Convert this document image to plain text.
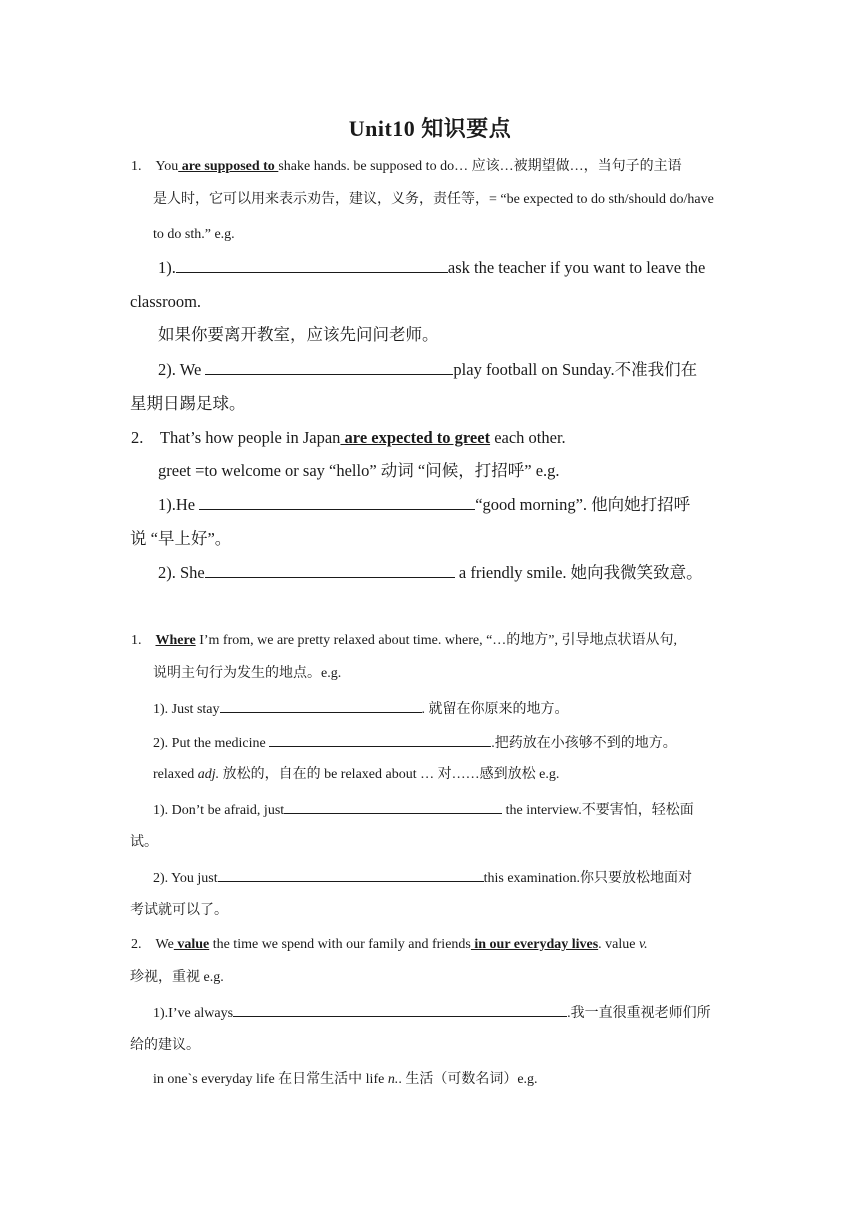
Unit10 知识要点
1. You are supposed to shake hands. be supposed to do… 应该…被期望做…，当句子的主语
是人时，它可以用来表示劝告，建议，义务，责任等，= “be expected to do sth/should do/have
to do sth.” e.g.
1).	ask the teacher if you want to leave the
classroom.
如果你要离开教室，应该先问问老师。
2). We	play football on Sunday.不准我们在
星期日踢足球。
2. That’s how people in Japan are expected to greet each other.
greet =to welcome or say “hello” 动词 “问候，打招呼” e.g.
1).He	“good morning”. 他向她打招呼
说 “早上好”。
2). She	a friendly smile. 她向我微笑致意。
1. Where I’m from, we are pretty relaxed about time. where, “…的地方”, 引导地点状语从句,
说明主句行为发生的地点。e.g.
1). Just stay	. 就留在你原来的地方。
2). Put the medicine	.把药放在小孩够不到的地方。
relaxed adj. 放松的，自在的 be relaxed about … 对……感到放松 e.g.
1). Don’t be afraid, just	the interview.不要害怕，轻松面
试。
2). You just	this examination.你只要放松地面对
考试就可以了。
2. We value the time we spend with our family and friends in our everyday lives. value v.
珍视，重视 e.g.
1).I’ve always	.我一直很重视老师们所
给的建议。
in one`s everyday life 在日常生活中 life n.. 生活（可数名词）e.g.
